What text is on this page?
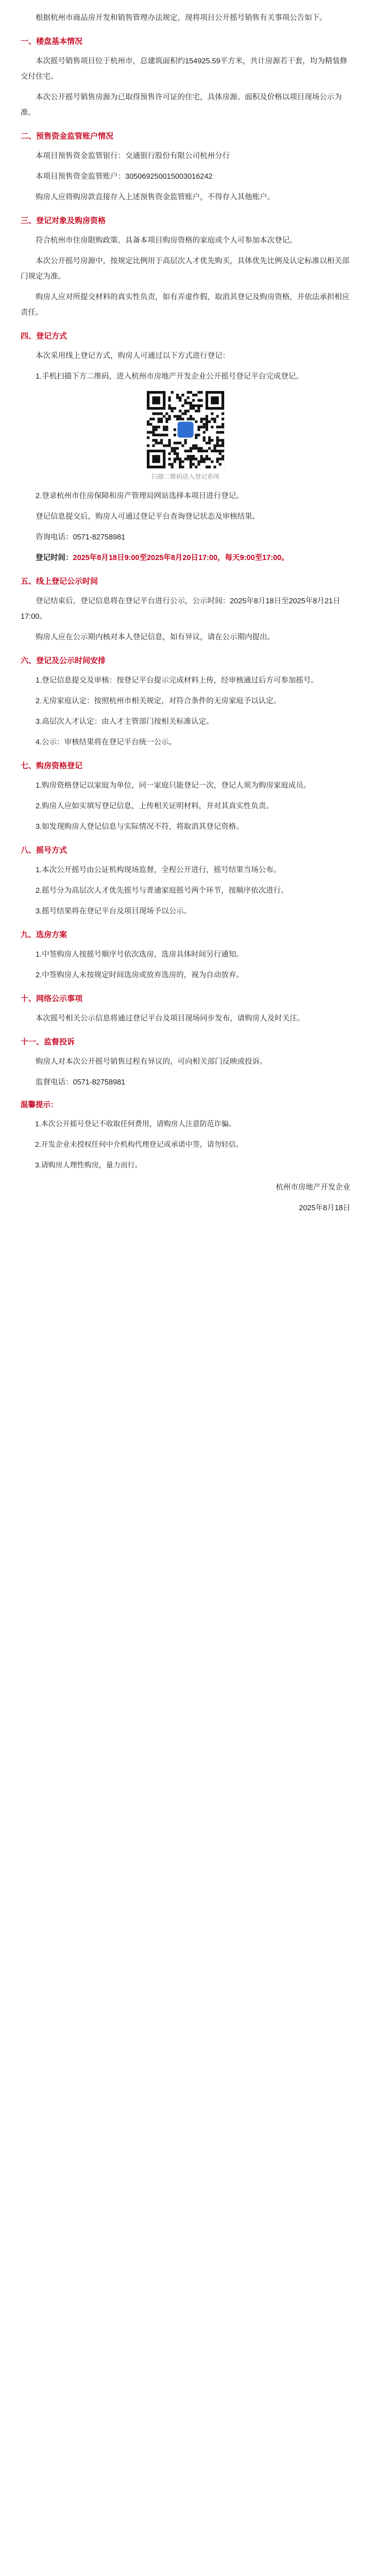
根据杭州市商品房开发和销售管理办法规定，现将项目公开摇号销售有关事项公告如下。

一、楼盘基本情况

本次摇号销售项目位于杭州市，总建筑面积约154925.59平方米，共计房源若干套，均为精装修交付住宅。

本次公开摇号销售房源为已取得预售许可证的住宅，具体房源、面积及价格以项目现场公示为准。

二、预售资金监管账户情况

本项目预售资金监管银行：交通银行股份有限公司杭州分行

本项目预售资金监管账户：305069250015003016242

购房人应将购房款直接存入上述预售资金监管账户，不得存入其他账户。

三、登记对象及购房资格

符合杭州市住房限购政策、具备本项目购房资格的家庭或个人可参加本次登记。

本次公开摇号房源中，按规定比例用于高层次人才优先购买，具体优先比例及认定标准以相关部门规定为准。

购房人应对所提交材料的真实性负责，如有弄虚作假，取消其登记及购房资格，并依法承担相应责任。

四、登记方式

本次采用线上登记方式，购房人可通过以下方式进行登记：

1.手机扫描下方二维码，进入杭州市房地产开发企业公开摇号登记平台完成登记。

扫描二维码进入登记系统

2.登录杭州市住房保障和房产管理局网站选择本项目进行登记。

登记信息提交后，购房人可通过登记平台查询登记状态及审核结果。

咨询电话：0571-82758981

登记时间：2025年8月18日9:00至2025年8月20日17:00，每天9:00至17:00。

五、线上登记公示时间

登记结束后，登记信息将在登记平台进行公示，公示时间：2025年8月18日至2025年8月21日17:00。

购房人应在公示期内核对本人登记信息，如有异议，请在公示期内提出。

六、登记及公示时间安排

1.登记信息提交及审核：按登记平台提示完成材料上传，经审核通过后方可参加摇号。

2.无房家庭认定：按照杭州市相关规定，对符合条件的无房家庭予以认定。

3.高层次人才认定：由人才主管部门按相关标准认定。

4.公示：审核结果将在登记平台统一公示。

七、购房资格登记

1.购房资格登记以家庭为单位，同一家庭只能登记一次，登记人须为购房家庭成员。

2.购房人应如实填写登记信息，上传相关证明材料，并对其真实性负责。

3.如发现购房人登记信息与实际情况不符，将取消其登记资格。

八、摇号方式

1.本次公开摇号由公证机构现场监督，全程公开进行，摇号结果当场公布。

2.摇号分为高层次人才优先摇号与普通家庭摇号两个环节，按顺序依次进行。

3.摇号结果将在登记平台及项目现场予以公示。

九、选房方案

1.中签购房人按摇号顺序号依次选房，选房具体时间另行通知。

2.中签购房人未按规定时间选房或放弃选房的，视为自动放弃。

十、网络公示事项

本次摇号相关公示信息将通过登记平台及项目现场同步发布，请购房人及时关注。

十一、监督投诉

购房人对本次公开摇号销售过程有异议的，可向相关部门反映或投诉。

监督电话：0571-82758981

温馨提示：

1.本次公开摇号登记不收取任何费用，请购房人注意防范诈骗。

2.开发企业未授权任何中介机构代理登记或承诺中签，请勿轻信。

3.请购房人理性购房，量力而行。

杭州市房地产开发企业

2025年8月18日
